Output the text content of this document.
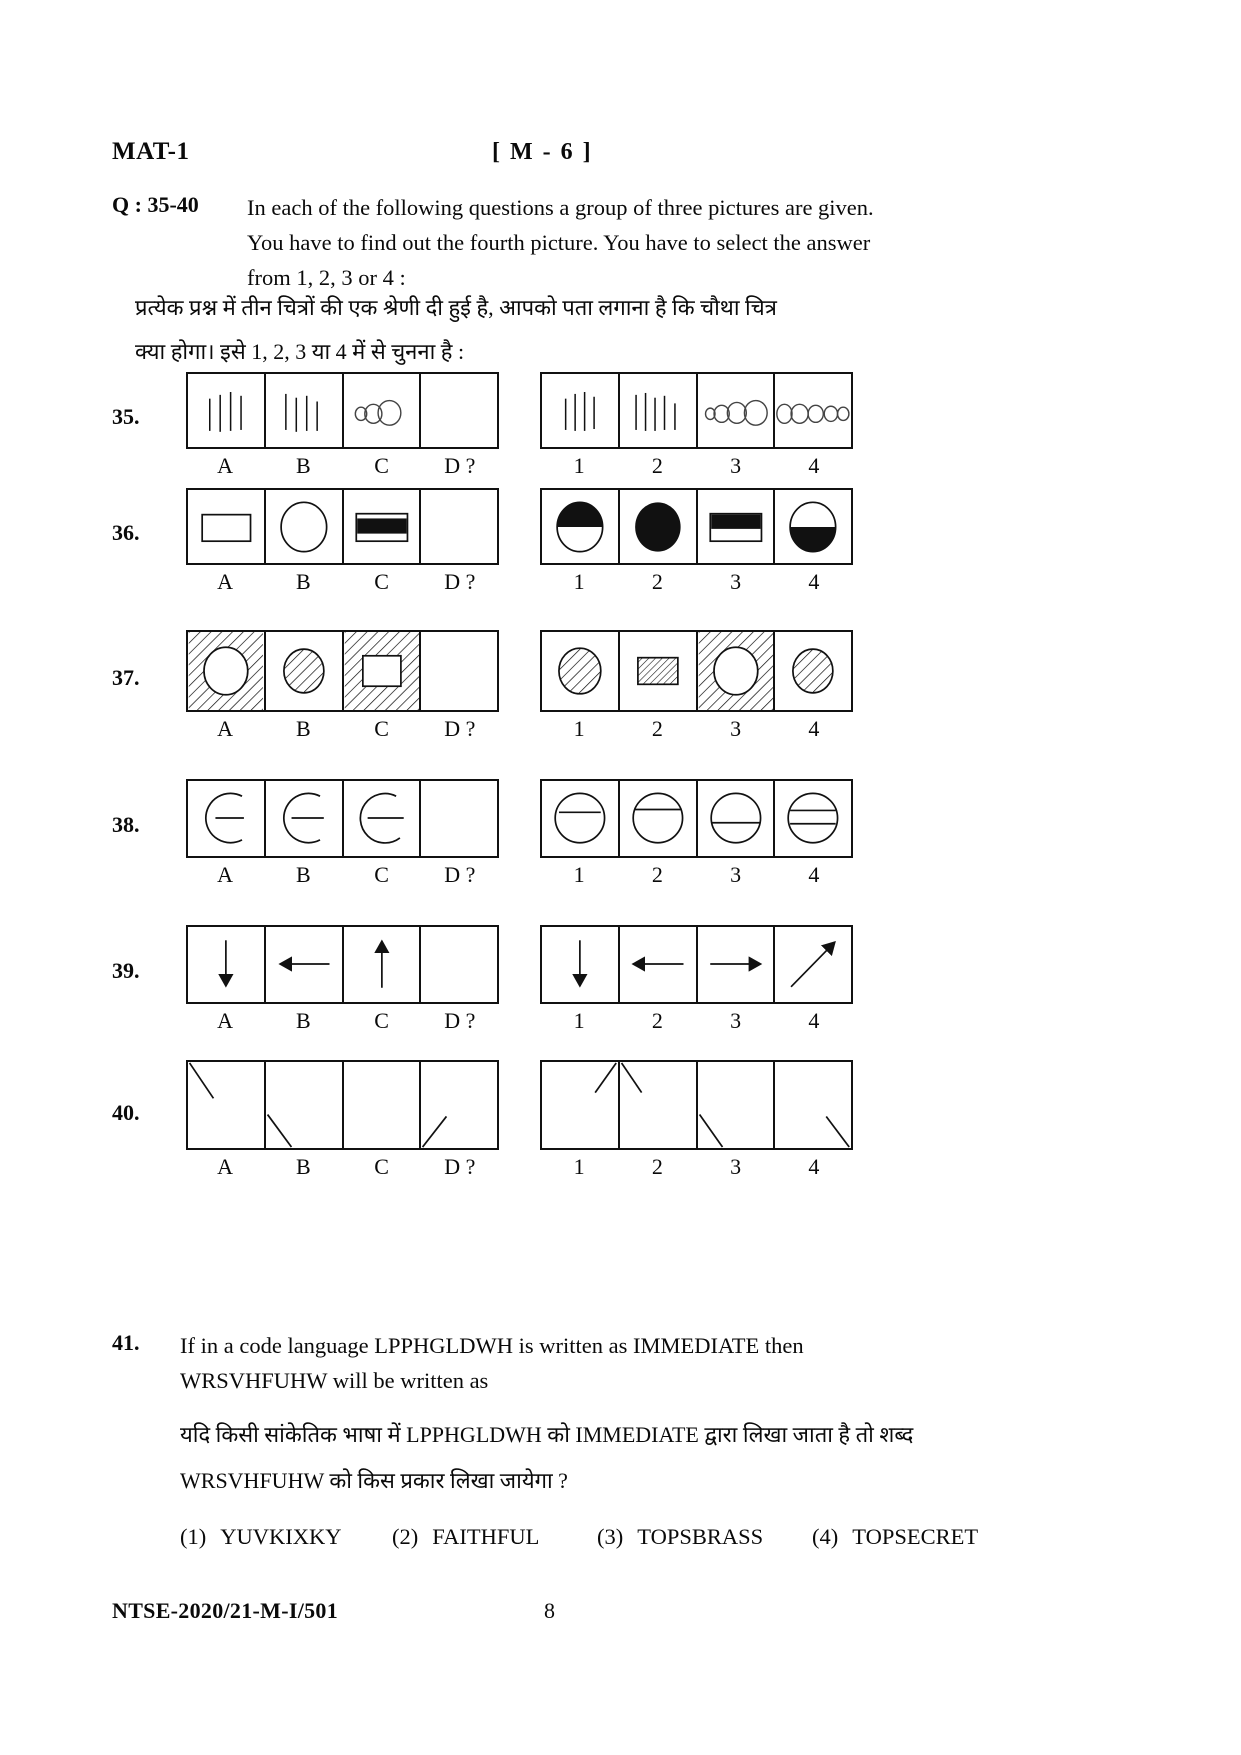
MAT-1	[ M - 6 ]
Q : 35-40 In each of the following questions a group of three pictures are given.
You have to find out the fourth picture. You have to select the answer
from 1, 2, 3 or 4 :
प्रत्येक प्रश्न में तीन चित्रों की एक श्रेणी दी हुई है, आपको पता लगाना है कि चौथा चित्र
क्या होगा। इसे 1, 2, 3 या 4 में से चुनना है :
35.
A	B	C	D ?	1	2	3	4
36.
A	B	C	D ?	1	2	3	4
37.
A	B	C	D ?	1	2	3	4
38.
A	B	C	D ?	1	2	3	4
39.
A	B	C	D ?	1	2	3	4
40.
A	B	C	D ?	1	2	3	4
41. If in a code language LPPHGLDWH is written as IMMEDIATE then
WRSVHFUHW will be written as
यदि किसी सांकेतिक भाषा में LPPHGLDWH को IMMEDIATE द्वारा लिखा जाता है तो शब्द
WRSVHFUHW को किस प्रकार लिखा जायेगा ?
(1) YUVKIXKY (2) FAITHFUL	(3) TOPSBRASS (4) TOPSECRET
NTSE-2020/21-M-I/501	8
